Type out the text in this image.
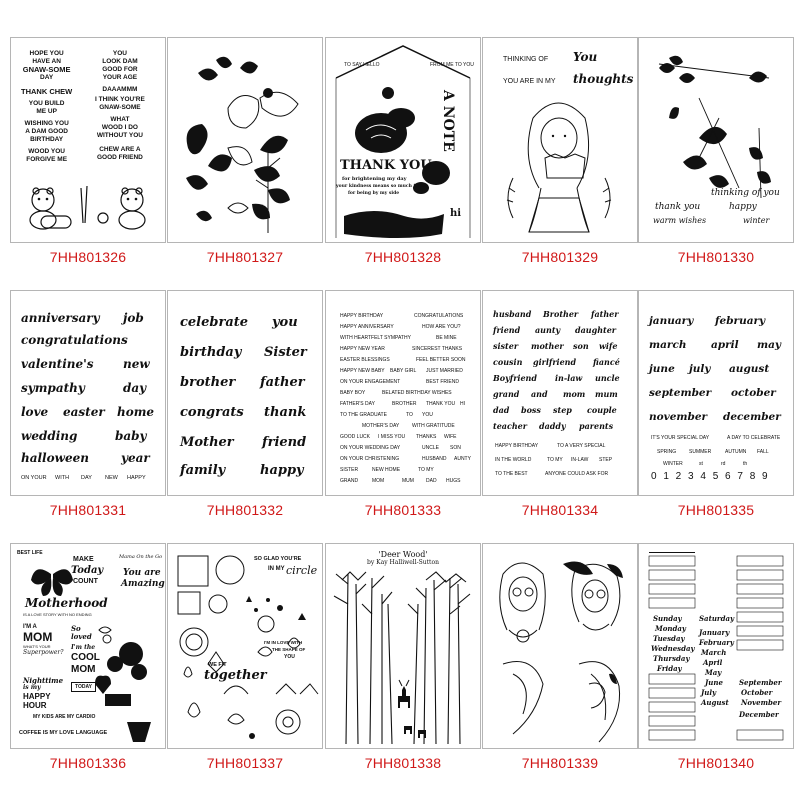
HOPE YOU
HAVE AN
GNAW-SOME
DAY
THANK CHEW
YOU BUILD
ME UP
WISHING YOU
A DAM GOOD
BIRTHDAY
WOOD YOU
FORGIVE ME
YOU
LOOK DAM
GOOD FOR
YOUR AGE
DAAAMMM
I THINK YOU'RE
GNAW-SOME
WHAT
WOOD I DO
WITHOUT YOU
CHEW ARE A
GOOD FRIEND
7HH801326	7HH801327
TO SAY HELLO	FROM ME TO YOU
A NOTE
THANK YOU
for brightening my day
your kindness means so much to me
for being by my side
hi
7HH801328
THINKING OF You
YOU ARE IN MY thoughts
7HH801329
thinking of you
thank you	happy
warm wishes	winter
7HH801330
anniversary job
congratulations
valentine's new
sympathy	day
love easter home
wedding	baby
halloween	year
ON YOUR WITH DAY NEW HAPPY
7HH801331
celebrate you
birthday Sister
brother father
congrats thank
Mother friend
family	happy
7HH801332
HAPPY BIRTHDAY	CONGRATULATIONS
HAPPY ANNIVERSARY	HOW ARE YOU?
WITH HEARTFELT SYMPATHY	BE MINE
HAPPY NEW YEAR	SINCEREST THANKS
EASTER BLESSINGS	FEEL BETTER SOON
HAPPY NEW BABY BABY GIRL JUST MARRIED
ON YOUR ENGAGEMENT	BEST FRIEND
BABY BOY	BELATED BIRTHDAY WISHES
FATHER'S DAY	BROTHER THANK YOU
TO THE GRADUATE	TO YOU
MOTHER'S DAY	WITH GRATITUDE
GOOD LUCK I MISS YOU THANKS WIFE
ON YOUR WEDDING DAY	UNCLE SON
ON YOUR CHRISTENING	HUSBAND AUNTY
SISTER	NEW HOME	TO MY
GRAND	MOM	MUM DAD HUGS
HI
7HH801333
husband Brother father
friend aunty daughter
sister mother son wife
cousin girlfriend fiancé
Boyfriend in-law uncle
grand and mom mum
dad boss step couple
teacher daddy parents
HAPPY BIRTHDAY	TO A VERY SPECIAL
IN THE WORLD	TO MY IN-LAW STEP
TO THE BEST	ANYONE COULD ASK FOR
7HH801334
january february
march april may
june july august
september october
november december
IT'S YOUR SPECIAL DAY	A DAY TO CELEBRATE
SPRING	SUMMER	AUTUMN FALL
WINTER	st	rd	th
0 1 2 3 4 5 6 7 8 9
7HH801335
BEST LIFE
MAKE
Today
COUNT
Mama On the Go
You are
Amazing
Motherhood
IS A LOVE STORY WITH NO ENDING
I'M A
MOM
WHAT'S YOUR
Superpower?
So
loved
I'm the
COOL
MOM
Nighttime
is my
HAPPY
HOUR
TODAY
MY KIDS ARE MY CARDIO
COFFEE IS MY LOVE LANGUAGE
7HH801336
SO GLAD YOU'RE
IN MY circle
I'M IN LOVE WITH
THE SHAPE OF
YOU
WE FIT
together
7HH801337
'Deer Wood'
by Kay Halliwell-Sutton
7HH801338	7HH801339
Sunday
Monday
Tuesday
Wednesday
Thursday
Friday
Saturday
January
February
March
April
May
June
July
August
September
October
November
December
7HH801340
